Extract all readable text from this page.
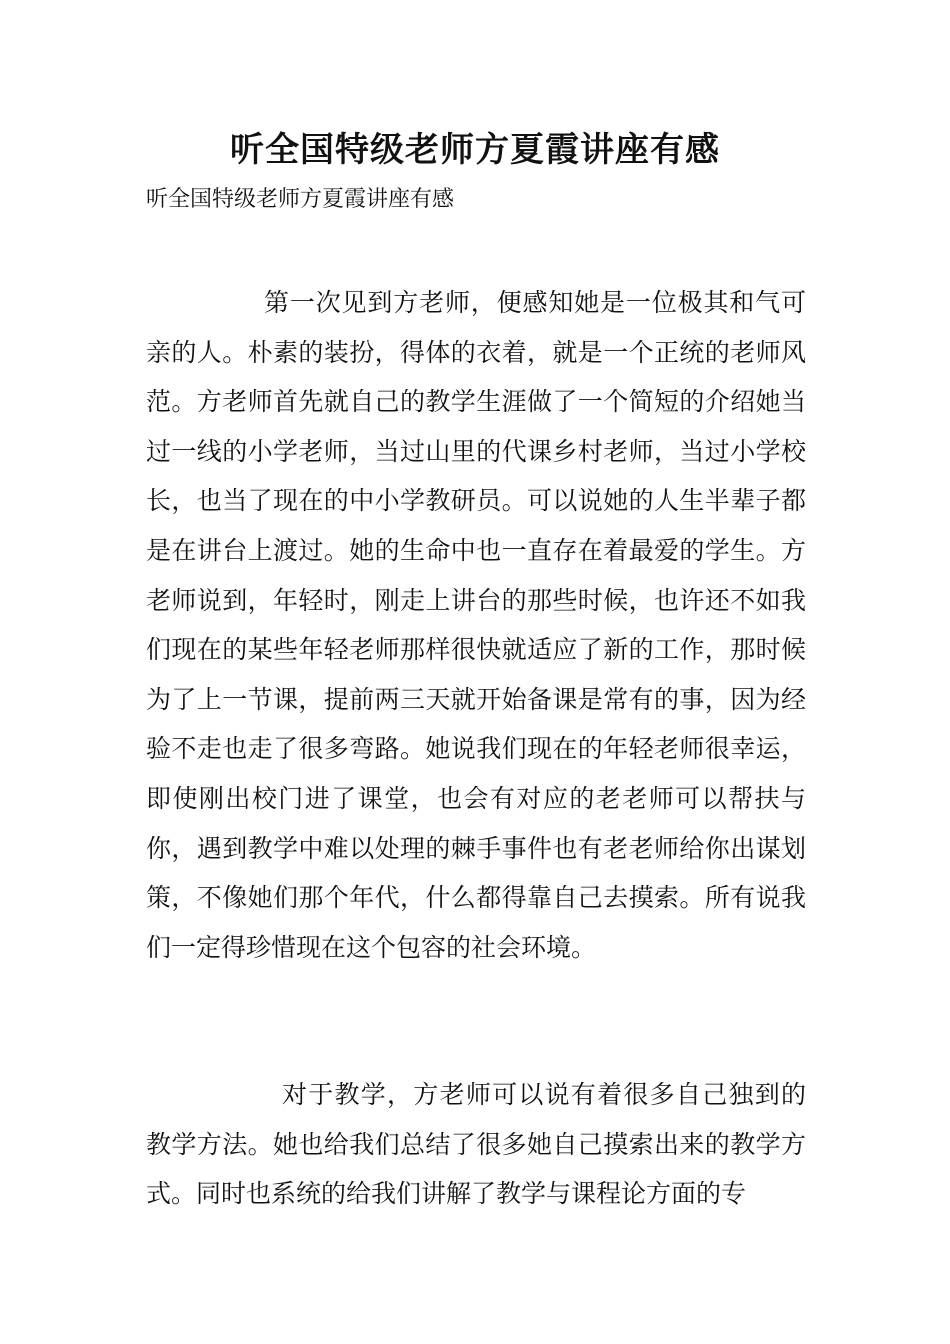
听全国特级老师方夏霞讲座有感

听全国特级老师方夏霞讲座有感

第一次见到方老师，便感知她是一位极其和气可亲的人。朴素的装扮，得体的衣着，就是一个正统的老师风范。方老师首先就自己的教学生涯做了一个简短的介绍她当过一线的小学老师，当过山里的代课乡村老师，当过小学校长，也当了现在的中小学教研员。可以说她的人生半辈子都是在讲台上渡过。她的生命中也一直存在着最爱的学生。方老师说到，年轻时，刚走上讲台的那些时候，也许还不如我们现在的某些年轻老师那样很快就适应了新的工作，那时候为了上一节课，提前两三天就开始备课是常有的事，因为经验不走也走了很多弯路。她说我们现在的年轻老师很幸运，即使刚出校门进了课堂，也会有对应的老老师可以帮扶与你，遇到教学中难以处理的棘手事件也有老老师给你出谋划策，不像她们那个年代，什么都得靠自己去摸索。所有说我们一定得珍惜现在这个包容的社会环境。

对于教学，方老师可以说有着很多自己独到的教学方法。她也给我们总结了很多她自己摸索出来的教学方式。同时也系统的给我们讲解了教学与课程论方面的专
